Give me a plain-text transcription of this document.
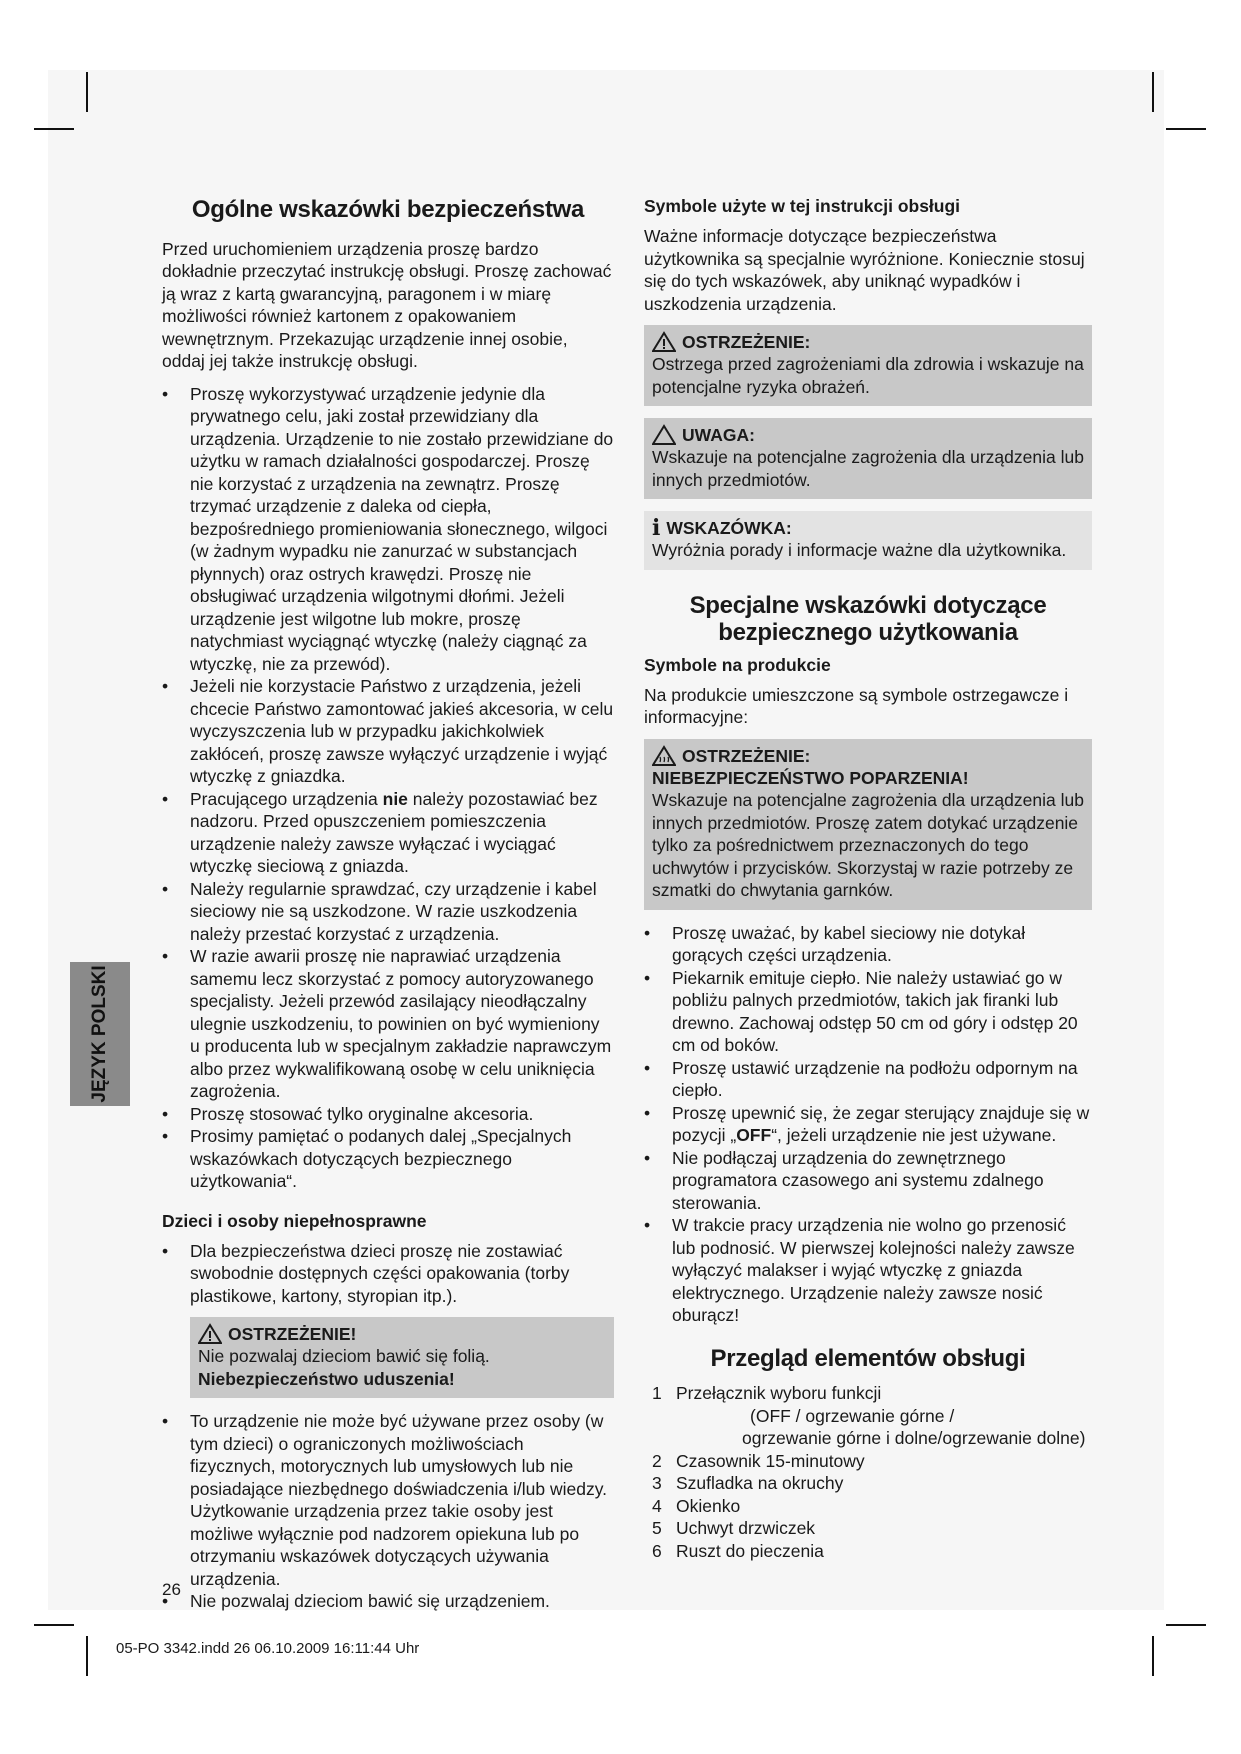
JĘZYK POLSKI
Ogólne wskazówki bezpieczeństwa

Przed uruchomieniem urządzenia proszę bardzo dokładnie przeczytać instrukcję obsługi. Proszę zachować ją wraz z kartą gwarancyjną, paragonem i w miarę możliwości również kartonem z opakowaniem wewnętrznym. Przekazując urządzenie innej osobie, oddaj jej także instrukcję obsługi.

• Proszę wykorzystywać urządzenie jedynie dla prywatnego celu, jaki został przewidziany dla urządzenia. Urządzenie to nie zostało przewidziane do użytku w ramach działalności gospodarczej. Proszę nie korzystać z urządzenia na zewnątrz. Proszę trzymać urządzenie z daleka od ciepła, bezpośredniego promieniowania słonecznego, wilgoci (w żadnym wypadku nie zanurzać w substancjach płynnych) oraz ostrych krawędzi. Proszę nie obsługiwać urządzenia wilgotnymi dłońmi. Jeżeli urządzenie jest wilgotne lub mokre, proszę natychmiast wyciągnąć wtyczkę (należy ciągnąć za wtyczkę, nie za przewód).
• Jeżeli nie korzystacie Państwo z urządzenia, jeżeli chcecie Państwo zamontować jakieś akcesoria, w celu wyczyszczenia lub w przypadku jakichkolwiek zakłóceń, proszę zawsze wyłączyć urządzenie i wyjąć wtyczkę z gniazdka.
• Pracującego urządzenia nie należy pozostawiać bez nadzoru. Przed opuszczeniem pomieszczenia urządzenie należy zawsze wyłączać i wyciągać wtyczkę sieciową z gniazda.
• Należy regularnie sprawdzać, czy urządzenie i kabel sieciowy nie są uszkodzone. W razie uszkodzenia należy przestać korzystać z urządzenia.
• W razie awarii proszę nie naprawiać urządzenia samemu lecz skorzystać z pomocy autoryzowanego specjalisty. Jeżeli przewód zasilający nieodłączalny ulegnie uszkodzeniu, to powinien on być wymieniony u producenta lub w specjalnym zakładzie naprawczym albo przez wykwalifikowaną osobę w celu uniknięcia zagrożenia.
• Proszę stosować tylko oryginalne akcesoria.
• Prosimy pamiętać o podanych dalej „Specjalnych wskazówkach dotyczących bezpiecznego użytkowania“.
Dzieci i osoby niepełnosprawne
• Dla bezpieczeństwa dzieci proszę nie zostawiać swobodnie dostępnych części opakowania (torby plastikowe, kartony, styropian itp.).
OSTRZEŻENIE!

Nie pozwalaj dzieciom bawić się folią.

Niebezpieczeństwo uduszenia!

• To urządzenie nie może być używane przez osoby (w tym dzieci) o ograniczonych możliwościach fizycznych, motorycznych lub umysłowych lub nie posiadające niezbędnego doświadczenia i/lub wiedzy. Użytkowanie urządzenia przez takie osoby jest możliwe wyłącznie pod nadzorem opiekuna lub po otrzymaniu wskazówek dotyczących używania urządzenia.
• Nie pozwalaj dzieciom bawić się urządzeniem.
Symbole użyte w tej instrukcji obsługi

Ważne informacje dotyczące bezpieczeństwa użytkownika są specjalnie wyróżnione. Koniecznie stosuj się do tych wskazówek, aby uniknąć wypadków i uszkodzenia urządzenia.

OSTRZEŻENIE:

Ostrzega przed zagrożeniami dla zdrowia i wskazuje na potencjalne ryzyka obrażeń.

UWAGA:

Wskazuje na potencjalne zagrożenia dla urządzenia lub innych przedmiotów.

i WSKAZÓWKA:

Wyróżnia porady i informacje ważne dla użytkownika.

Specjalne wskazówki dotyczące
bezpiecznego użytkowania
Symbole na produkcie

Na produkcie umieszczone są symbole ostrzegawcze i informacyjne:

OSTRZEŻENIE:

NIEBEZPIECZEŃSTWO POPARZENIA!

Wskazuje na potencjalne zagrożenia dla urządzenia lub innych przedmiotów. Proszę zatem dotykać urządzenie tylko za pośrednictwem przeznaczonych do tego uchwytów i przycisków. Skorzystaj w razie potrzeby ze szmatki do chwytania garnków.

• Proszę uważać, by kabel sieciowy nie dotykał gorących części urządzenia.
• Piekarnik emituje ciepło. Nie należy ustawiać go w pobliżu palnych przedmiotów, takich jak firanki lub drewno. Zachowaj odstęp 50 cm od góry i odstęp 20 cm od boków.
• Proszę ustawić urządzenie na podłożu odpornym na ciepło.
• Proszę upewnić się, że zegar sterujący znajduje się w pozycji „OFF“, jeżeli urządzenie nie jest używane.
• Nie podłączaj urządzenia do zewnętrznego programatora czasowego ani systemu zdalnego sterowania.
• W trakcie pracy urządzenia nie wolno go przenosić lub podnosić. W pierwszej kolejności należy zawsze wyłączyć malakser i wyjąć wtyczkę z gniazda elektrycznego. Urządzenie należy zawsze nosić oburącz!
Przegląd elementów obsługi
1 Przełącznik wyboru funkcji
(OFF / ogrzewanie górne /
ogrzewanie górne i dolne/ogrzewanie dolne)
2 Czasownik 15-minutowy
3 Szufladka na okruchy
4 Okienko
5 Uchwyt drzwiczek
6 Ruszt do pieczenia
26
05-PO 3342.indd 26 06.10.2009 16:11:44 Uhr
